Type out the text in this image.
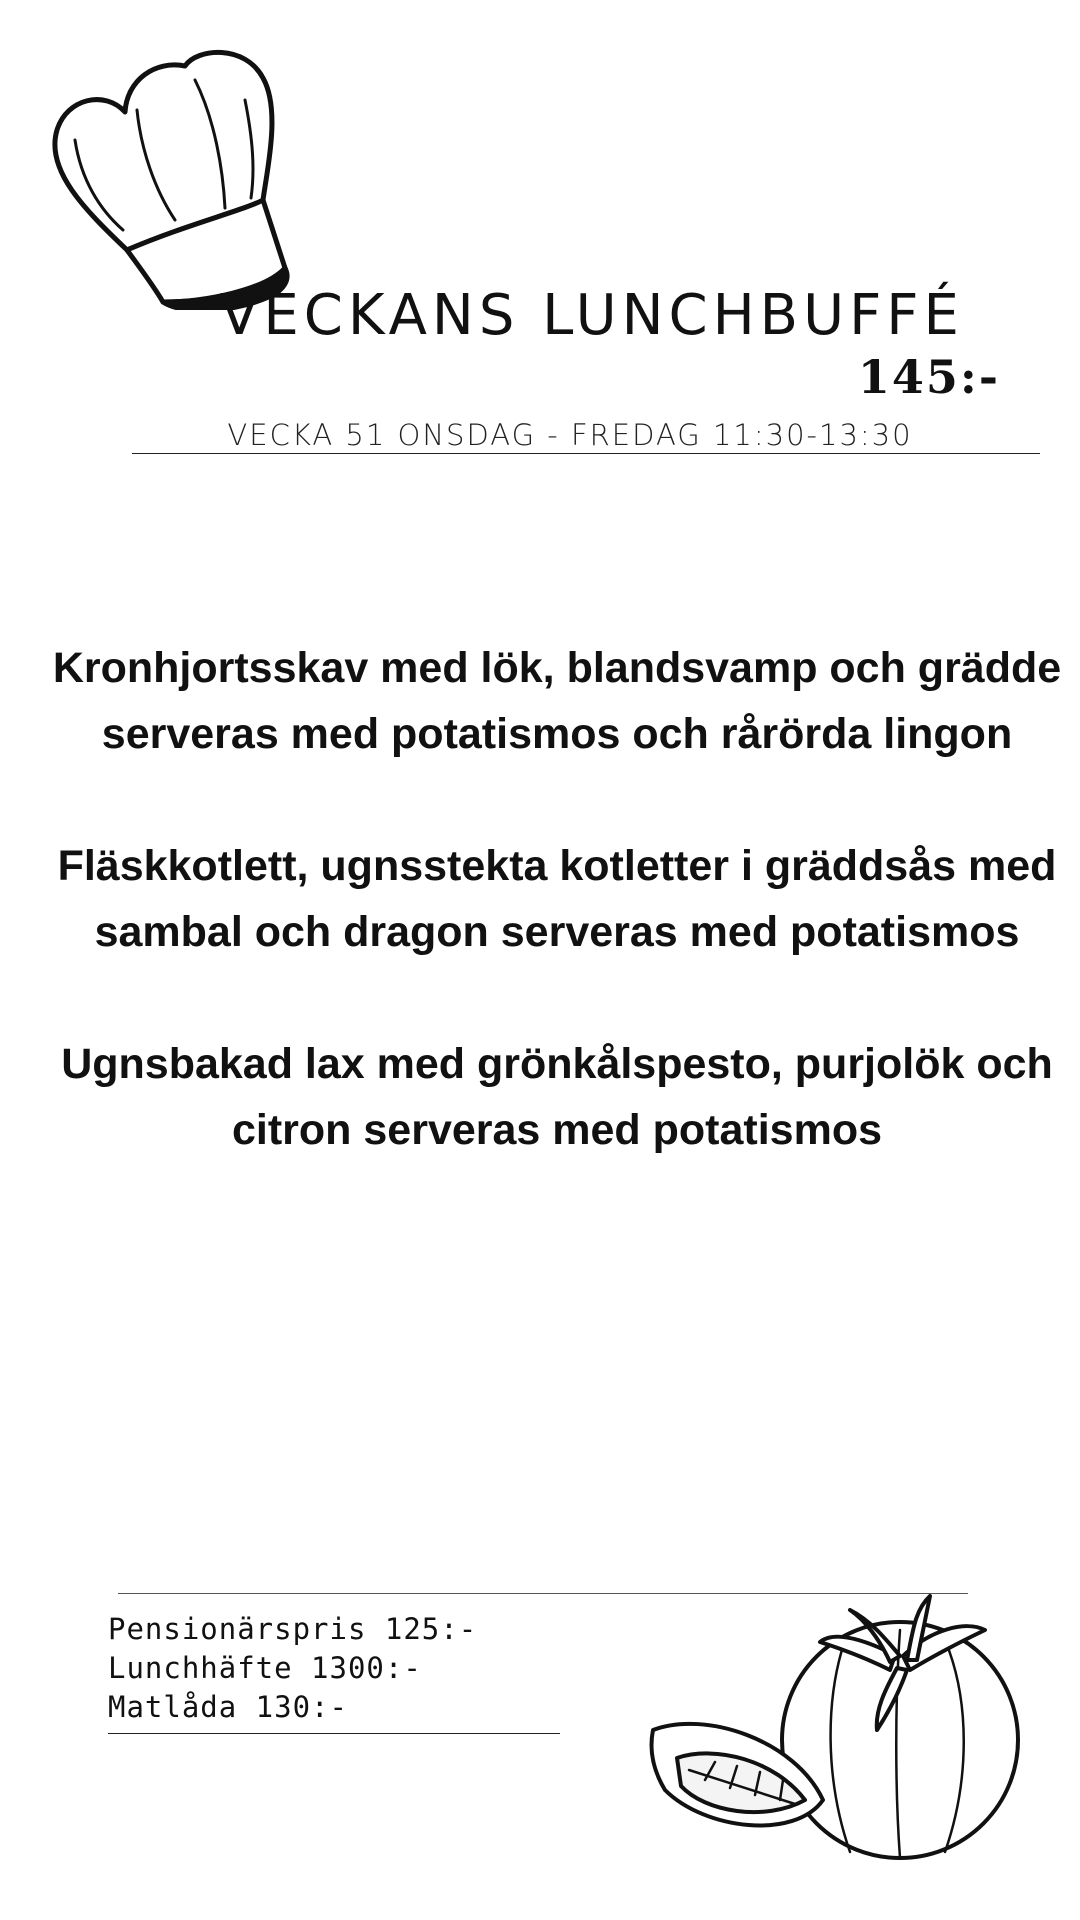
VECKANS LUNCHBUFFÉ
145:-
VECKA 51 ONSDAG - FREDAG 11:30-13:30
Kronhjortsskav med lök, blandsvamp och grädde serveras med potatismos och rårörda lingon
Fläskkotlett, ugnsstekta kotletter i gräddsås med sambal och dragon serveras med potatismos
Ugnsbakad lax med grönkålspesto, purjolök och citron serveras med potatismos
Pensionärspris 125:-
Lunchhäfte 1300:-
Matlåda 130:-
